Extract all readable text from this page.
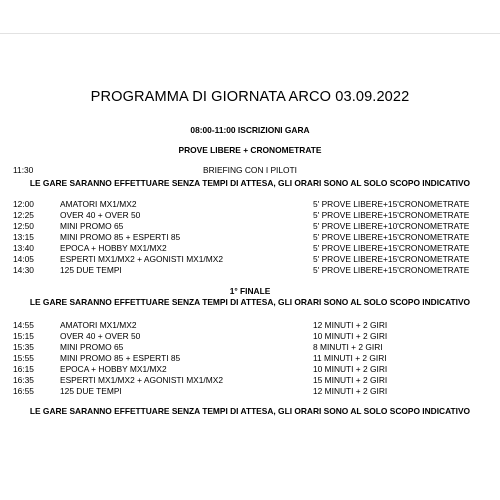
PROGRAMMA DI GIORNATA ARCO 03.09.2022
08:00-11:00 ISCRIZIONI GARA
PROVE LIBERE + CRONOMETRATE
11:30	BRIEFING CON I PILOTI
LE GARE SARANNO EFFETTUARE SENZA TEMPI DI ATTESA, GLI ORARI SONO AL SOLO SCOPO INDICATIVO
12:00	AMATORI MX1/MX2	5' PROVE LIBERE+15'CRONOMETRATE
12:25	OVER 40 + OVER 50	5' PROVE LIBERE+15'CRONOMETRATE
12:50	MINI PROMO 65	5' PROVE LIBERE+10'CRONOMETRATE
13:15	MINI PROMO 85 + ESPERTI 85	5' PROVE LIBERE+15'CRONOMETRATE
13:40	EPOCA + HOBBY MX1/MX2	5' PROVE LIBERE+15'CRONOMETRATE
14:05	ESPERTI MX1/MX2 + AGONISTI MX1/MX2	5' PROVE LIBERE+15'CRONOMETRATE
14:30	125 DUE TEMPI	5' PROVE LIBERE+15'CRONOMETRATE
1° FINALE
LE GARE SARANNO EFFETTUARE SENZA TEMPI DI ATTESA, GLI ORARI SONO AL SOLO SCOPO INDICATIVO
14:55	AMATORI MX1/MX2	12 MINUTI + 2 GIRI
15:15	OVER 40 + OVER 50	10 MINUTI + 2 GIRI
15:35	MINI PROMO 65	8 MINUTI + 2 GIRI
15:55	MINI PROMO 85 + ESPERTI 85	11 MINUTI + 2 GIRI
16:15	EPOCA + HOBBY MX1/MX2	10 MINUTI + 2 GIRI
16:35	ESPERTI MX1/MX2 + AGONISTI MX1/MX2	15 MINUTI + 2 GIRI
16:55	125 DUE TEMPI	12 MINUTI + 2 GIRI
LE GARE SARANNO EFFETTUARE SENZA TEMPI DI ATTESA, GLI ORARI SONO AL SOLO SCOPO INDICATIVO
